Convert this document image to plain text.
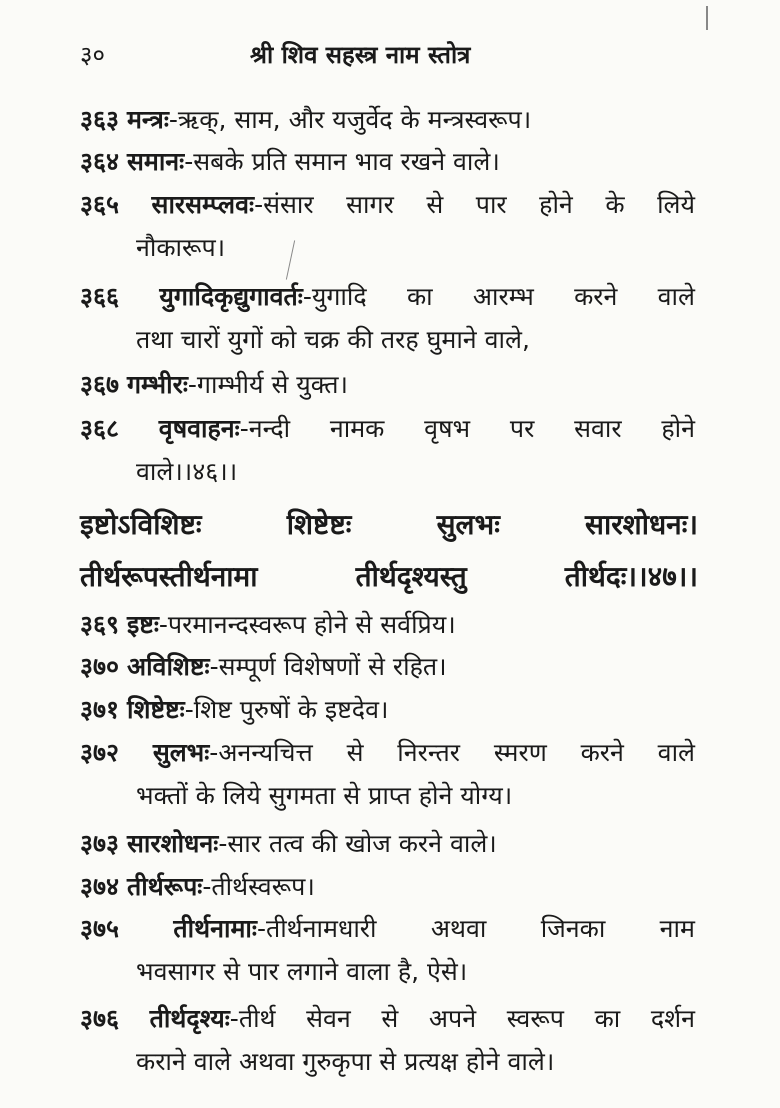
३०	श्री शिव सहस्त्र नाम स्तोत्र
३६३ मन्त्रः-ऋक्, साम, और यजुर्वेद के मन्त्रस्वरूप।
३६४ समानः-सबके प्रति समान भाव रखने वाले।
३६५ सारसम्प्लवः-संसार सागर से पार होने के लिये
नौकारूप।
३६६ युगादिकृद्युगावर्तः-युगादि का आरम्भ करने वाले
तथा चारों युगों को चक्र की तरह घुमाने वाले,
३६७ गम्भीरः-गाम्भीर्य से युक्त।
३६८ वृषवाहनः-नन्दी नामक वृषभ पर सवार होने
वाले।।४६।।
इष्टोऽविशिष्टः शिष्टेष्टः सुलभः सारशोधनः।
तीर्थरूपस्तीर्थनामा तीर्थदृश्यस्तु तीर्थदः।।४७।।
३६९ इष्टः-परमानन्दस्वरूप होने से सर्वप्रिय।
३७० अविशिष्टः-सम्पूर्ण विशेषणों से रहित।
३७१ शिष्टेष्टः-शिष्ट पुरुषों के इष्टदेव।
३७२ सुलभः-अनन्यचित्त से निरन्तर स्मरण करने वाले
भक्तों के लिये सुगमता से प्राप्त होने योग्य।
३७३ सारशोधनः-सार तत्व की खोज करने वाले।
३७४ तीर्थरूपः-तीर्थस्वरूप।
३७५ तीर्थनामाः-तीर्थनामधारी अथवा जिनका नाम
भवसागर से पार लगाने वाला है, ऐसे।
३७६ तीर्थदृश्यः-तीर्थ सेवन से अपने स्वरूप का दर्शन
कराने वाले अथवा गुरुकृपा से प्रत्यक्ष होने वाले।
